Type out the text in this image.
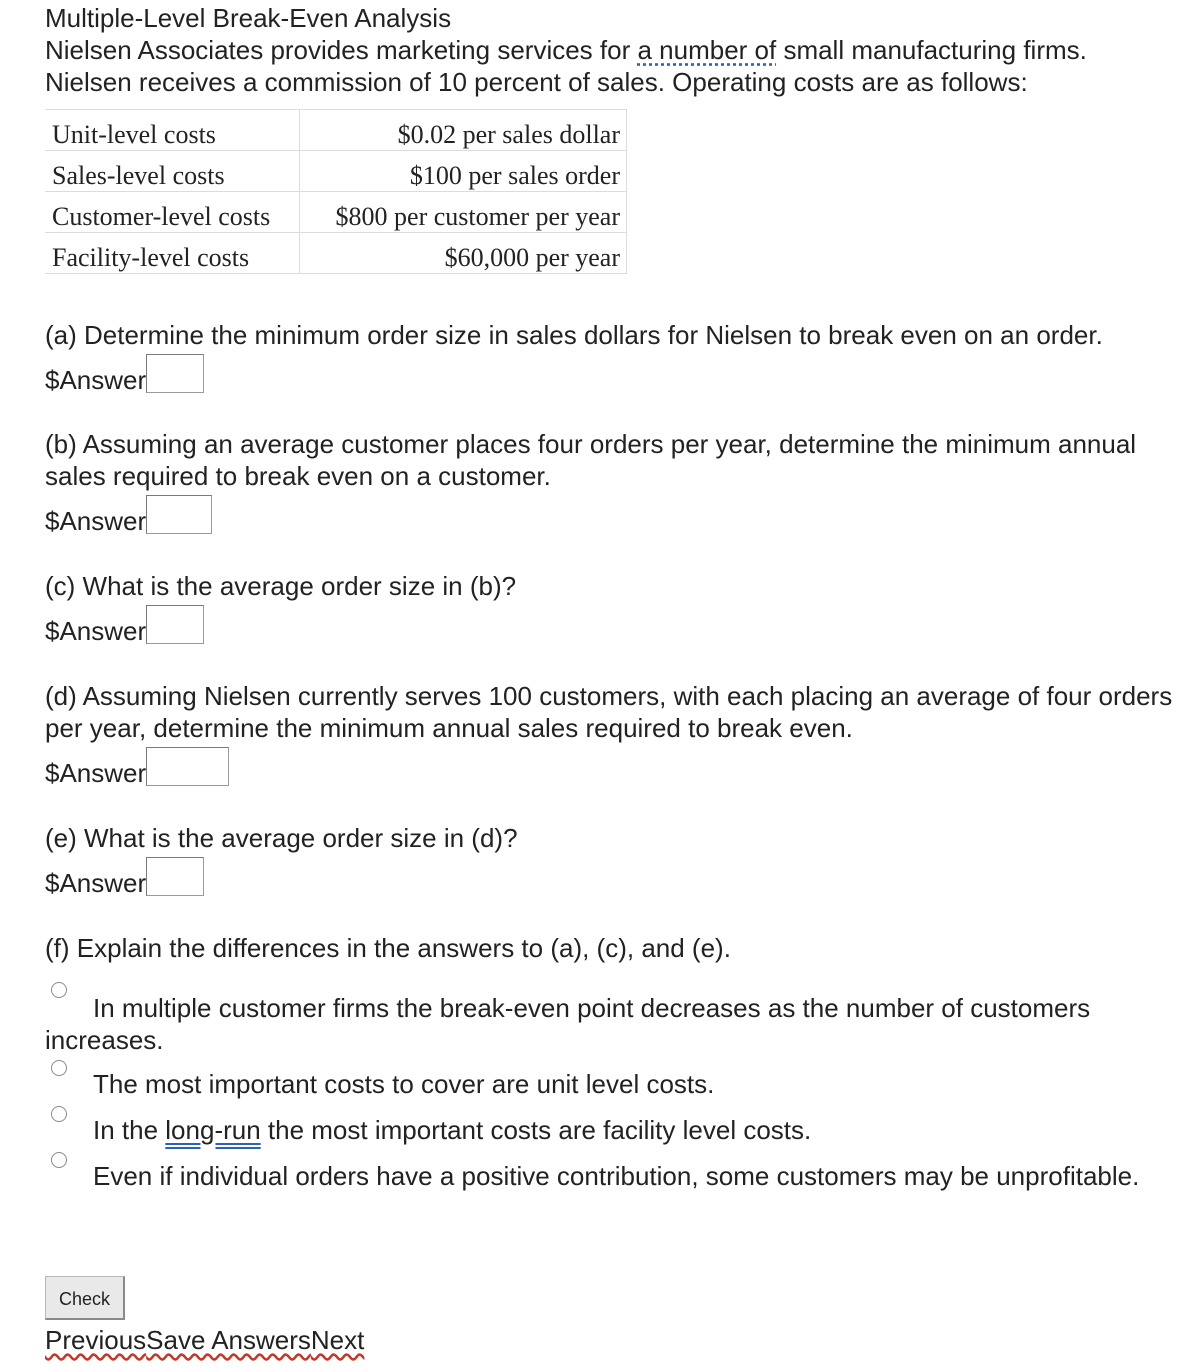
Multiple-Level Break-Even Analysis
Nielsen Associates provides marketing services for a number of small manufacturing firms.
Nielsen receives a commission of 10 percent of sales. Operating costs are as follows:
Unit-level costs	$0.02 per sales dollar
Sales-level costs	$100 per sales order
Customer-level costs	$800 per customer per year
Facility-level costs	$60,000 per year
(a) Determine the minimum order size in sales dollars for Nielsen to break even on an order.
$Answer
(b) Assuming an average customer places four orders per year, determine the minimum annual sales required to break even on a customer.
$Answer
(c) What is the average order size in (b)?
$Answer
(d) Assuming Nielsen currently serves 100 customers, with each placing an average of four orders per year, determine the minimum annual sales required to break even.
$Answer
(e) What is the average order size in (d)?
$Answer
(f) Explain the differences in the answers to (a), (c), and (e).
In multiple customer firms the break-even point decreases as the number of customers increases.
The most important costs to cover are unit level costs.
In the long-run the most important costs are facility level costs.
Even if individual orders have a positive contribution, some customers may be unprofitable.
Check
PreviousSave AnswersNext
